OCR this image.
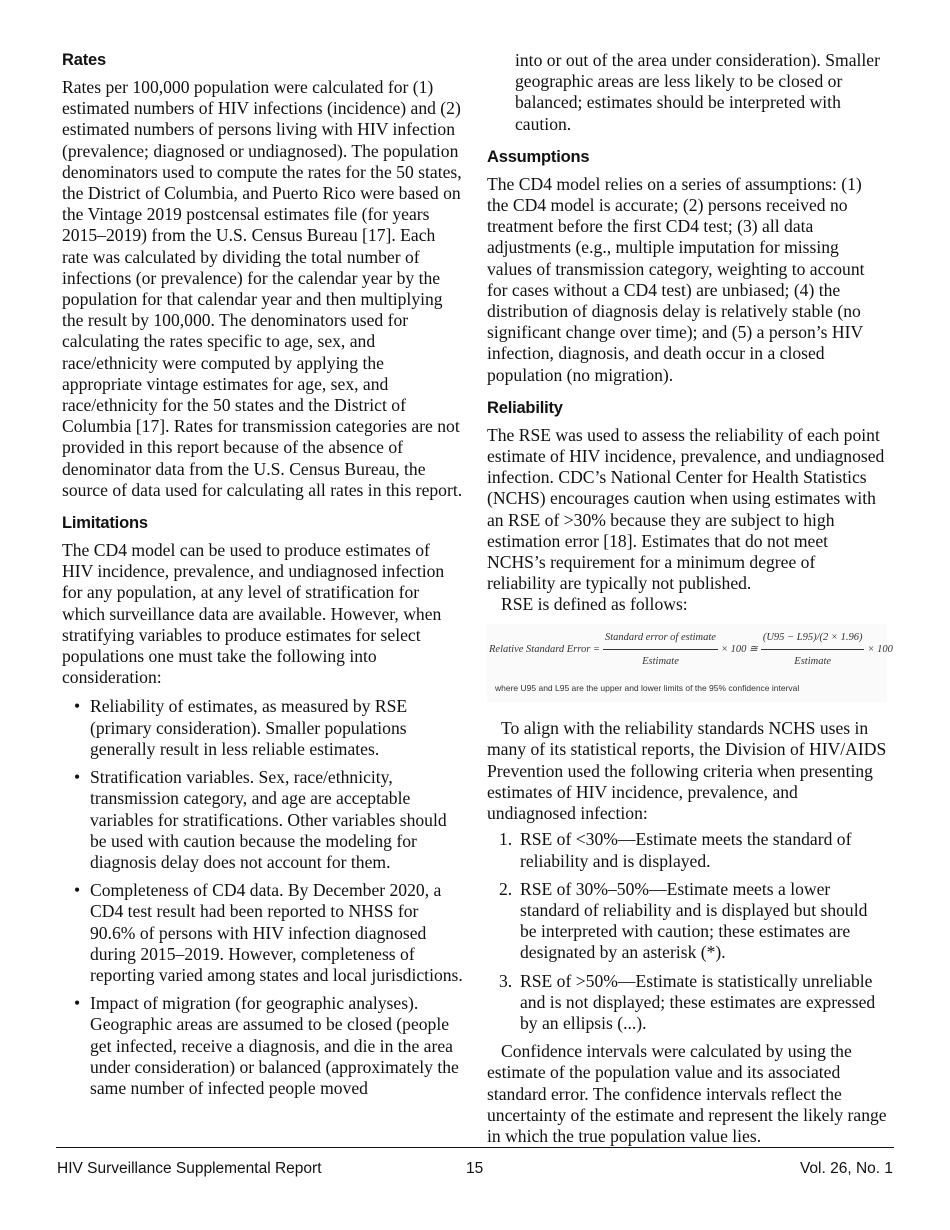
Rates

Rates per 100,000 population were calculated for (1) estimated numbers of HIV infections (incidence) and (2) estimated numbers of persons living with HIV infection (prevalence; diagnosed or undiagnosed). The population denominators used to compute the rates for the 50 states, the District of Columbia, and Puerto Rico were based on the Vintage 2019 postcensal estimates file (for years 2015–2019) from the U.S. Census Bureau [17]. Each rate was calculated by dividing the total number of infections (or prevalence) for the calendar year by the population for that calendar year and then multiplying the result by 100,000. The denominators used for calculating the rates specific to age, sex, and race/ethnicity were computed by applying the appropriate vintage estimates for age, sex, and race/ethnicity for the 50 states and the District of Columbia [17]. Rates for transmission categories are not provided in this report because of the absence of denominator data from the U.S. Census Bureau, the source of data used for calculating all rates in this report.

Limitations

The CD4 model can be used to produce estimates of HIV incidence, prevalence, and undiagnosed infection for any population, at any level of stratification for which surveillance data are available. However, when stratifying variables to produce estimates for select populations one must take the following into consideration:

• Reliability of estimates, as measured by RSE (primary consideration). Smaller populations generally result in less reliable estimates.
• Stratification variables. Sex, race/ethnicity, transmission category, and age are acceptable variables for stratifications. Other variables should be used with caution because the modeling for diagnosis delay does not account for them.
• Completeness of CD4 data. By December 2020, a CD4 test result had been reported to NHSS for 90.6% of persons with HIV infection diagnosed during 2015–2019. However, completeness of reporting varied among states and local jurisdictions.
• Impact of migration (for geographic analyses). Geographic areas are assumed to be closed (people get infected, receive a diagnosis, and die in the area under consideration) or balanced (approximately the same number of infected people moved

into or out of the area under consideration). Smaller geographic areas are less likely to be closed or balanced; estimates should be interpreted with caution.

Assumptions

The CD4 model relies on a series of assumptions: (1) the CD4 model is accurate; (2) persons received no treatment before the first CD4 test; (3) all data adjustments (e.g., multiple imputation for missing values of transmission category, weighting to account for cases without a CD4 test) are unbiased; (4) the distribution of diagnosis delay is relatively stable (no significant change over time); and (5) a person’s HIV infection, diagnosis, and death occur in a closed population (no migration).

Reliability

The RSE was used to assess the reliability of each point estimate of HIV incidence, prevalence, and undiagnosed infection. CDC’s National Center for Health Statistics (NCHS) encourages caution when using estimates with an RSE of >30% because they are subject to high estimation error [18]. Estimates that do not meet NCHS’s requirement for a minimum degree of reliability are typically not published.

RSE is defined as follows:

Relative Standard Error = $\frac{\text{Standard error of estimate}}{\text{Estimate}} \times 100$ ≅ $\frac{(U95 - L95)/(2 \times 1.96)}{\text{Estimate}} \times 100$
where U95 and L95 are the upper and lower limits of the 95% confidence interval

To align with the reliability standards NCHS uses in many of its statistical reports, the Division of HIV/AIDS Prevention used the following criteria when presenting estimates of HIV incidence, prevalence, and undiagnosed infection:

1. RSE of <30%—Estimate meets the standard of reliability and is displayed.
2. RSE of 30%–50%—Estimate meets a lower standard of reliability and is displayed but should be interpreted with caution; these estimates are designated by an asterisk (*).
3. RSE of >50%—Estimate is statistically unreliable and is not displayed; these estimates are expressed by an ellipsis (...).

Confidence intervals were calculated by using the estimate of the population value and its associated standard error. The confidence intervals reflect the uncertainty of the estimate and represent the likely range in which the true population value lies.

HIV Surveillance Supplemental Report	15	Vol. 26, No. 1
